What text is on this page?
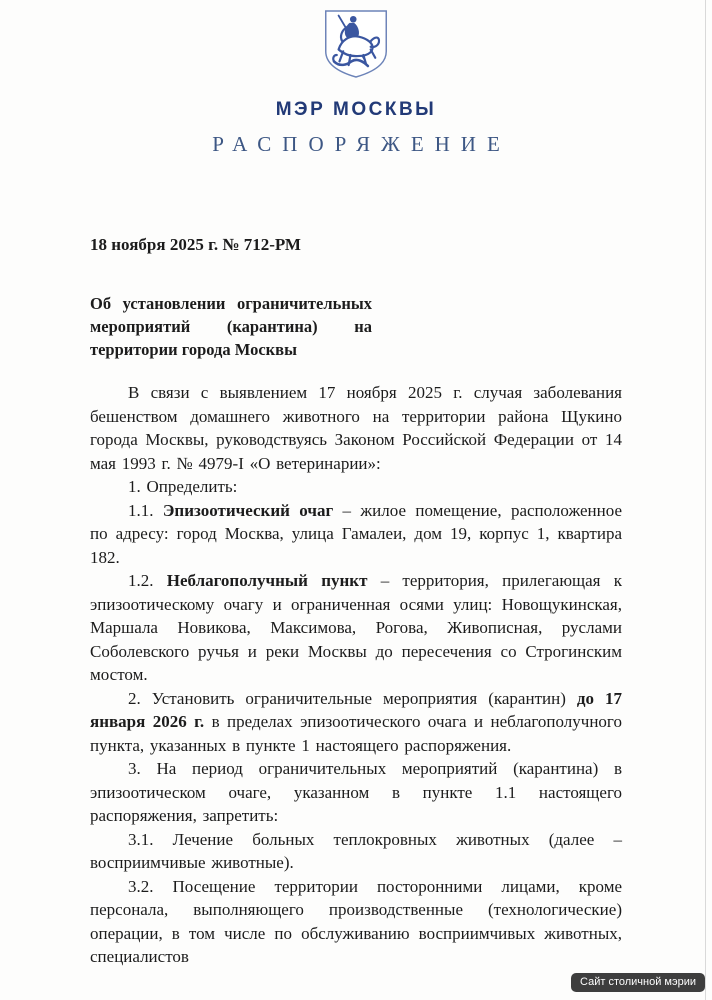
МЭР МОСКВЫ
РАСПОРЯЖЕНИЕ

18 ноября 2025 г. № 712-РМ

Об установлении ограничительных мероприятий (карантина) на территории города Москвы

В связи с выявлением 17 ноября 2025 г. случая заболевания бешенством домашнего животного на территории района Щукино города Москвы, руководствуясь Законом Российской Федерации от 14 мая 1993 г. № 4979-I «О ветеринарии»:

1. Определить:

1.1. Эпизоотический очаг – жилое помещение, расположенное по адресу: город Москва, улица Гамалеи, дом 19, корпус 1, квартира 182.

1.2. Неблагополучный пункт – территория, прилегающая к эпизоотическому очагу и ограниченная осями улиц: Новощукинская, Маршала Новикова, Максимова, Рогова, Живописная, руслами Соболевского ручья и реки Москвы до пересечения со Строгинским мостом.

2. Установить ограничительные мероприятия (карантин) до 17 января 2026 г. в пределах эпизоотического очага и неблагополучного пункта, указанных в пункте 1 настоящего распоряжения.

3. На период ограничительных мероприятий (карантина) в эпизоотическом очаге, указанном в пункте 1.1 настоящего распоряжения, запретить:

3.1. Лечение больных теплокровных животных (далее – восприимчивые животные).

3.2. Посещение территории посторонними лицами, кроме персонала, выполняющего производственные (технологические) операции, в том числе по обслуживанию восприимчивых животных, специалистов

Сайт столичной мэрии
